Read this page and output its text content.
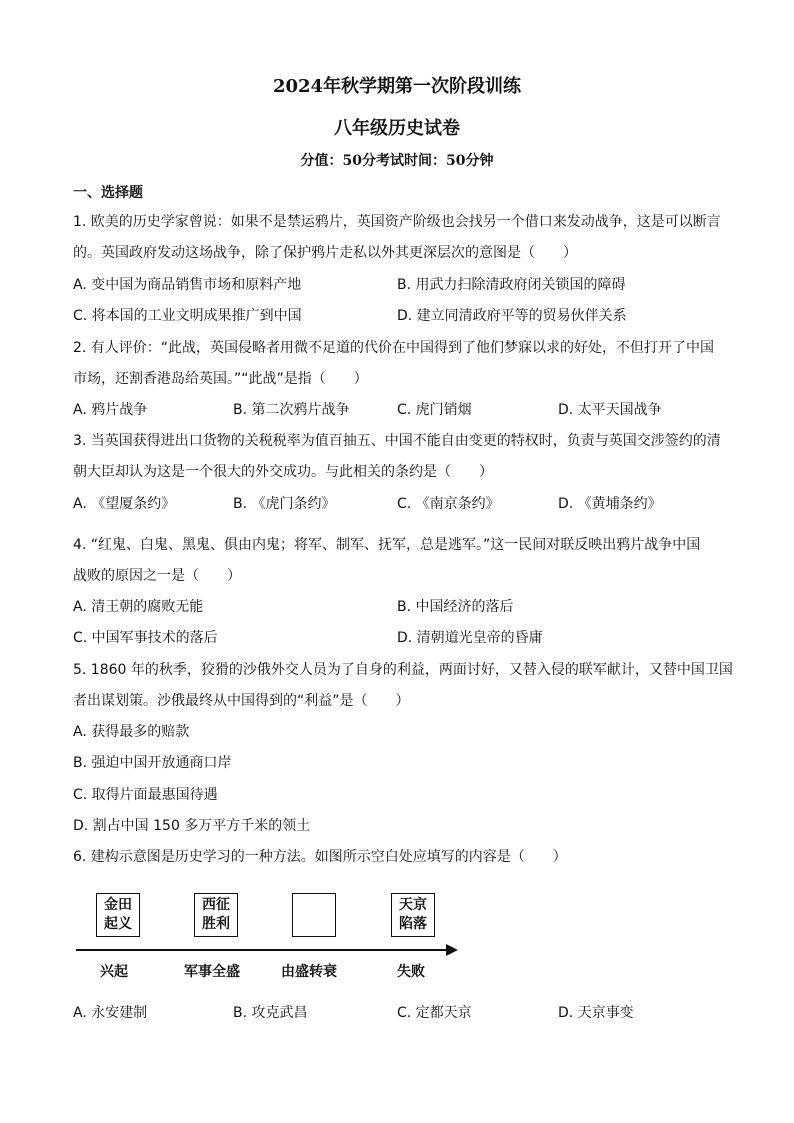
2024年秋学期第一次阶段训练
八年级历史试卷
分值：50分考试时间：50分钟
一、选择题
1. 欧美的历史学家曾说：如果不是禁运鸦片，英国资产阶级也会找另一个借口来发动战争，这是可以断言
的。英国政府发动这场战争，除了保护鸦片走私以外其更深层次的意图是（　　）
A. 变中国为商品销售市场和原料产地	B. 用武力扫除清政府闭关锁国的障碍
C. 将本国的工业文明成果推广到中国	D. 建立同清政府平等的贸易伙伴关系
2. 有人评价：“此战，英国侵略者用微不足道的代价在中国得到了他们梦寐以求的好处，不但打开了中国
市场，还割香港岛给英国。”“此战”是指（　　）
A. 鸦片战争	B. 第二次鸦片战争	C. 虎门销烟	D. 太平天国战争
3. 当英国获得进出口货物的关税税率为值百抽五、中国不能自由变更的特权时，负责与英国交涉签约的清
朝大臣却认为这是一个很大的外交成功。与此相关的条约是（　　）
A. 《望厦条约》	B. 《虎门条约》	C. 《南京条约》	D. 《黄埔条约》
4. “红鬼、白鬼、黑鬼、俱由内鬼；将军、制军、抚军，总是逃军。”这一民间对联反映出鸦片战争中国
战败的原因之一是（　　）
A. 清王朝的腐败无能	B. 中国经济的落后
C. 中国军事技术的落后	D. 清朝道光皇帝的昏庸
5. 1860 年的秋季，狡猾的沙俄外交人员为了自身的利益，两面讨好，又替入侵的联军献计，又替中国卫国
者出谋划策。沙俄最终从中国得到的“利益”是（　　）
A. 获得最多的赔款
B. 强迫中国开放通商口岸
C. 取得片面最惠国待遇
D. 割占中国 150 多万平方千米的领土
6. 建构示意图是历史学习的一种方法。如图所示空白处应填写的内容是（　　）
金田
起义
西征
胜利
天京
陷落
兴起	军事全盛	由盛转衰	失败
A. 永安建制	B. 攻克武昌	C. 定都天京	D. 天京事变
